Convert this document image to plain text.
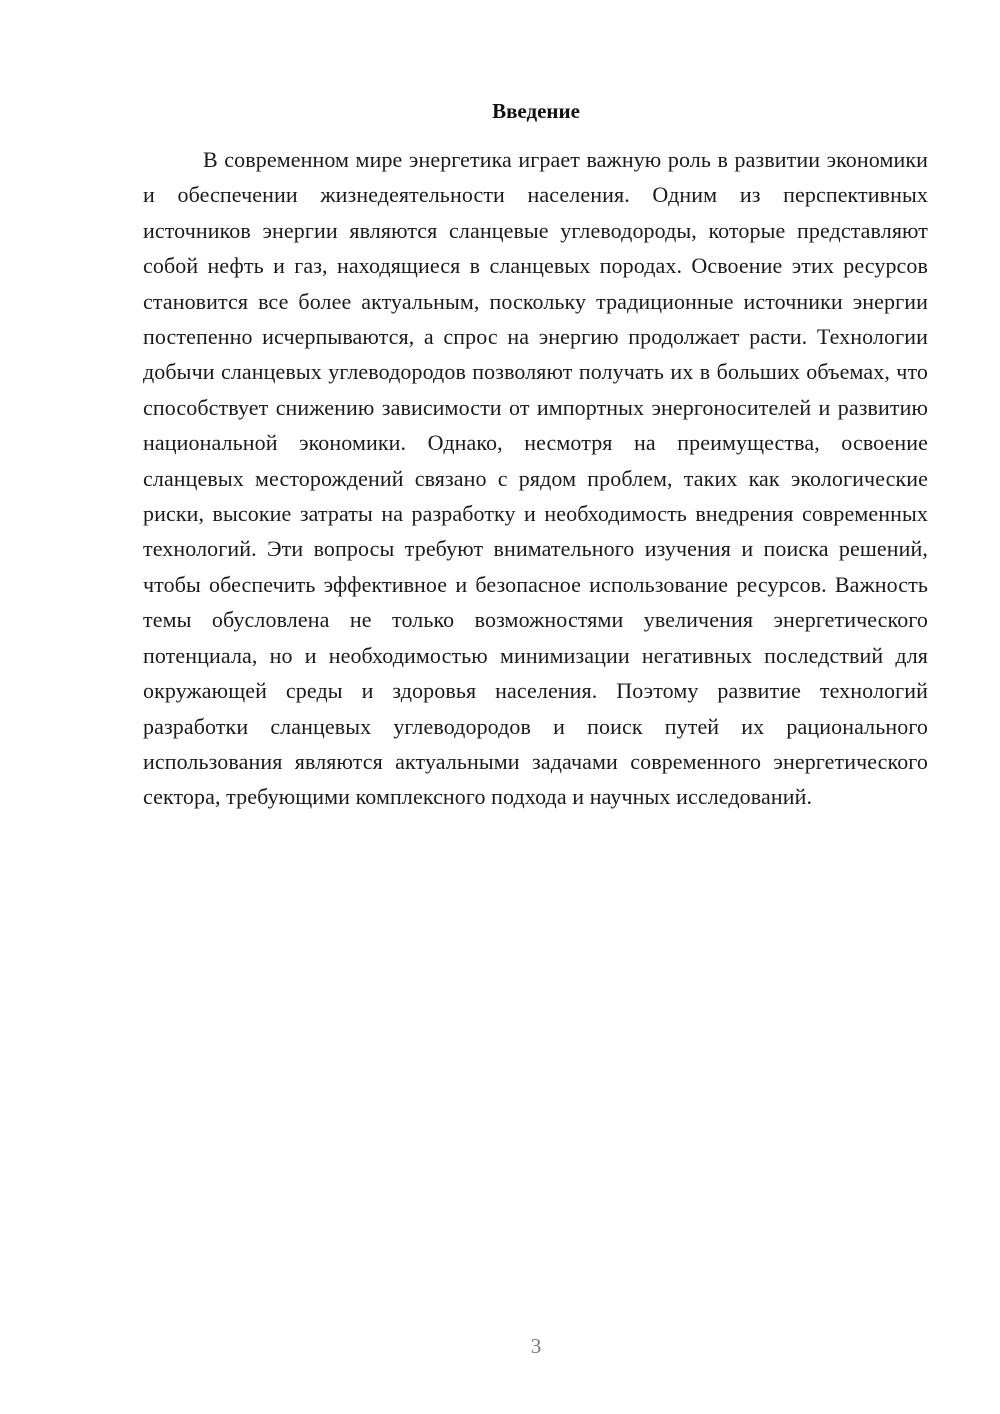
Введение

В современном мире энергетика играет важную роль в развитии экономики и обеспечении жизнедеятельности населения. Одним из перспективных источников энергии являются сланцевые углеводороды, которые представляют собой нефть и газ, находящиеся в сланцевых породах. Освоение этих ресурсов становится все более актуальным, поскольку традиционные источники энергии постепенно исчерпываются, а спрос на энергию продолжает расти. Технологии добычи сланцевых углеводородов позволяют получать их в больших объемах, что способствует снижению зависимости от импортных энергоносителей и развитию национальной экономики. Однако, несмотря на преимущества, освоение сланцевых месторождений связано с рядом проблем, таких как экологические риски, высокие затраты на разработку и необходимость внедрения современных технологий. Эти вопросы требуют внимательного изучения и поиска решений, чтобы обеспечить эффективное и безопасное использование ресурсов. Важность темы обусловлена не только возможностями увеличения энергетического потенциала, но и необходимостью минимизации негативных последствий для окружающей среды и здоровья населения. Поэтому развитие технологий разработки сланцевых углеводородов и поиск путей их рационального использования являются актуальными задачами современного энергетического сектора, требующими комплексного подхода и научных исследований.

3
